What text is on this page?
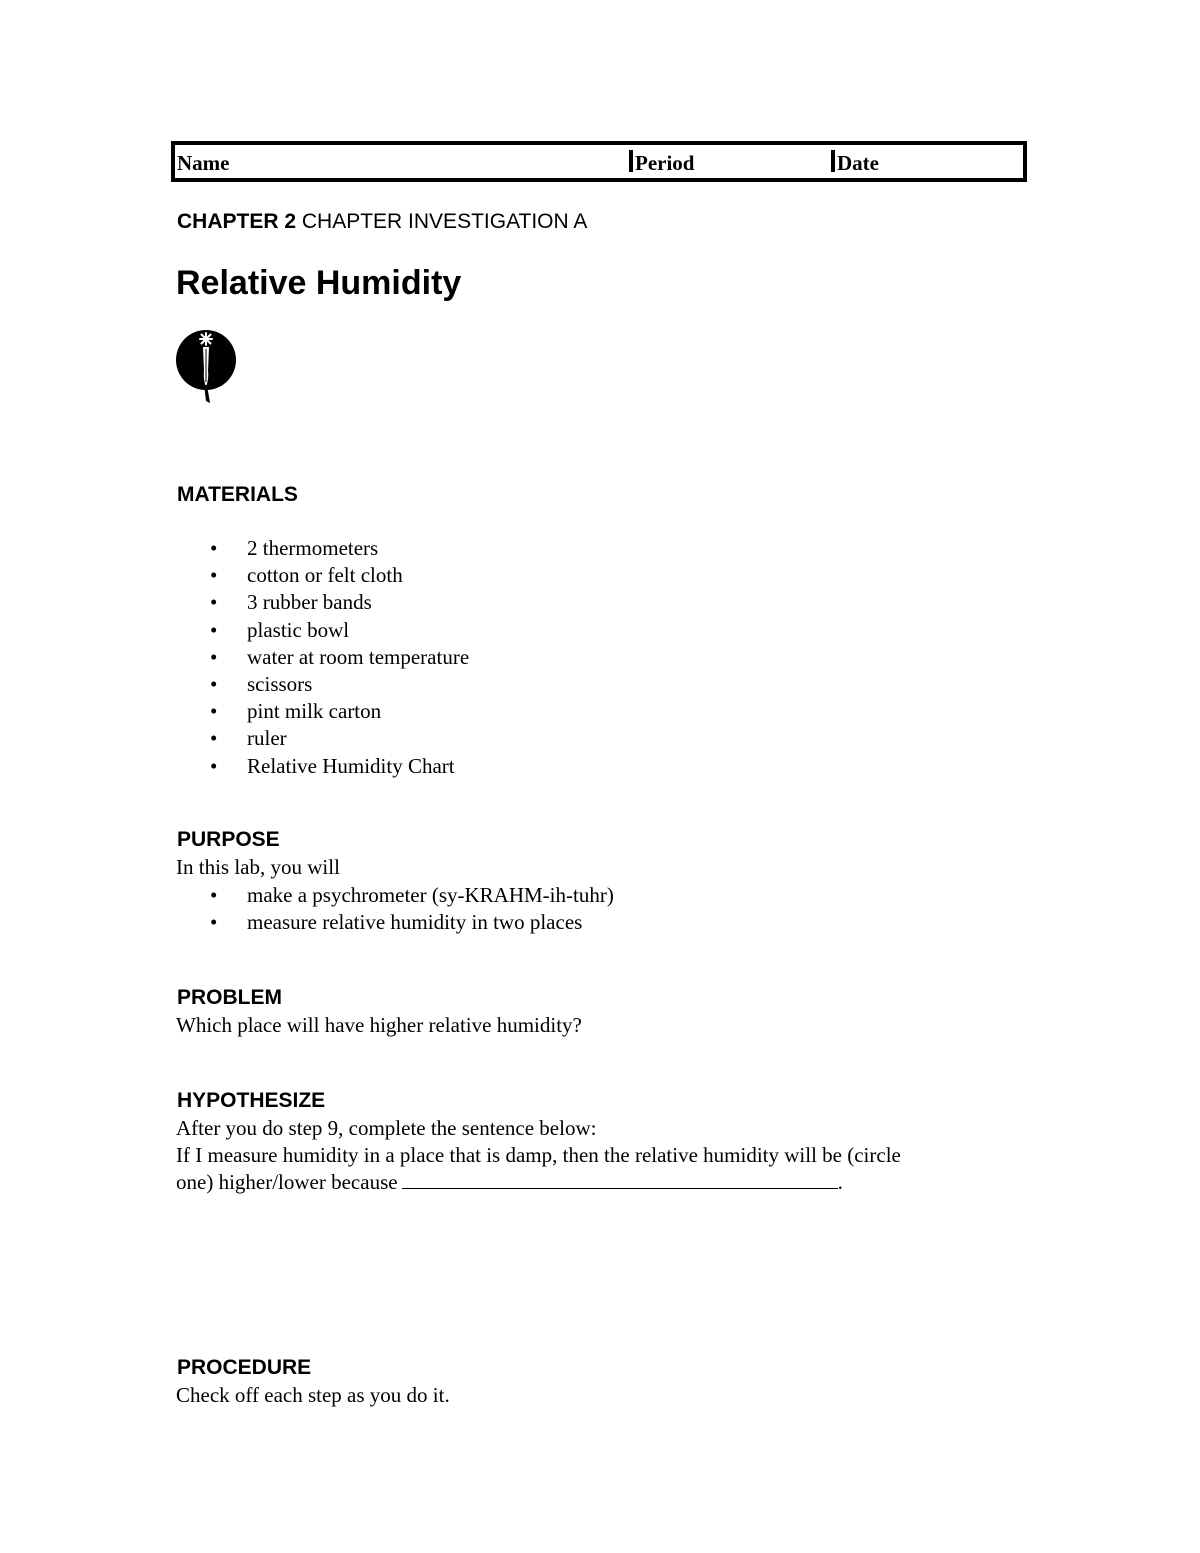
Name	Period	Date
CHAPTER 2 CHAPTER INVESTIGATION A
Relative Humidity
MATERIALS
• 2 thermometers
• cotton or felt cloth
• 3 rubber bands
• plastic bowl
• water at room temperature
• scissors
• pint milk carton
• ruler
• Relative Humidity Chart
PURPOSE
In this lab, you will
• make a psychrometer (sy-KRAHM-ih-tuhr)
• measure relative humidity in two places
PROBLEM
Which place will have higher relative humidity?
HYPOTHESIZE
After you do step 9, complete the sentence below:
If I measure humidity in a place that is damp, then the relative humidity will be (circle
one) higher/lower because	.
PROCEDURE
Check off each step as you do it.
